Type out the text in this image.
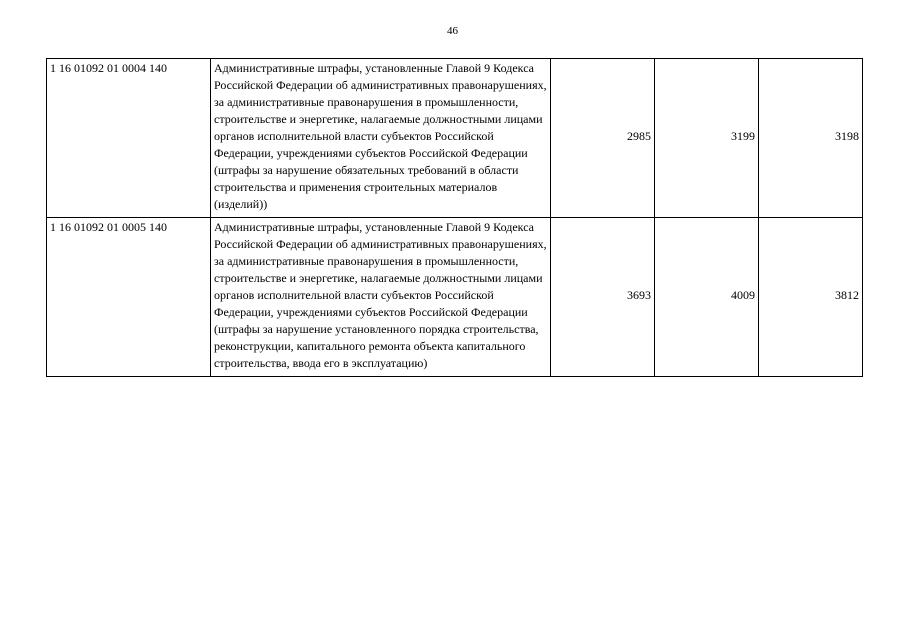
46
1 16 01092 01 0004 140	Административные штрафы, установленные Главой 9 Кодекса Российской Федерации об административных правонарушениях, за административные правонарушения в промышленности, строительстве и энергетике, налагаемые должностными лицами органов исполнительной власти субъектов Российской Федерации, учреждениями субъектов Российской Федерации (штрафы за нарушение обязательных требований в области строительства и применения строительных материалов (изделий))	2985	3199	3198
1 16 01092 01 0005 140	Административные штрафы, установленные Главой 9 Кодекса Российской Федерации об административных правонарушениях, за административные правонарушения в промышленности, строительстве и энергетике, налагаемые должностными лицами органов исполнительной власти субъектов Российской Федерации, учреждениями субъектов Российской Федерации (штрафы за нарушение установленного порядка строительства, реконструкции, капитального ремонта объекта капитального строительства, ввода его в эксплуатацию)	3693	4009	3812
